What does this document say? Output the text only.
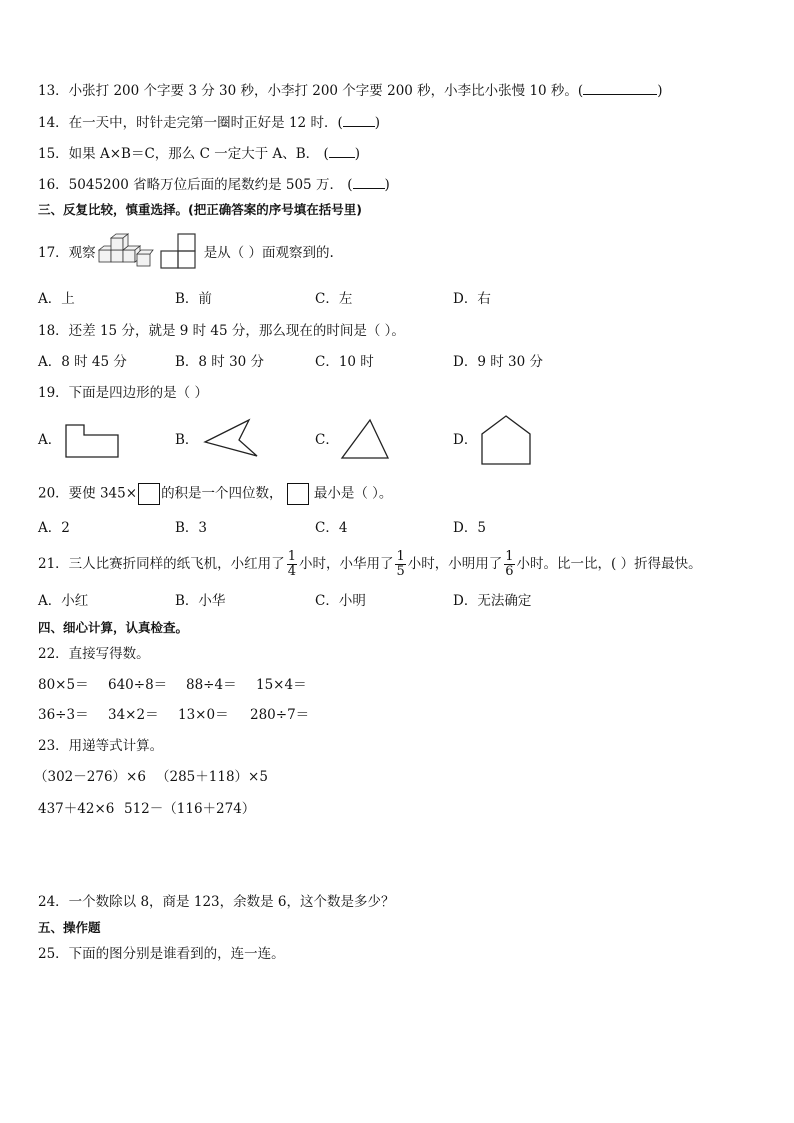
13．小张打 200 个字要 3 分 30 秒，小李打 200 个字要 200 秒，小李比小张慢 10 秒。(	)
14．在一天中，时针走完第一圈时正好是 12 时．( )
15．如果 A×B＝C，那么 C 一定大于 A、B． ( )
16．5045200 省略万位后面的尾数约是 505 万． ( )
三、反复比较，慎重选择。(把正确答案的序号填在括号里)
17．观察	是从（ ）面观察到的.
A．上	B．前	C．左	D．右
18．还差 15 分，就是 9 时 45 分，那么现在的时间是（ ）。
A．8 时 45 分	B．8 时 30 分	C．10 时	D．9 时 30 分
19．下面是四边形的是（ ）
A．	B．	C．	D．
20．要使 345× 的积是一个四位数， 最小是（ ）。
A．2	B．3	C．4	D．5
21．三人比赛折同样的纸飞机，小红用了 $\frac{1}{4}$ 小时，小华用了 $\frac{1}{5}$ 小时，小明用了 $\frac{1}{6}$ 小时。比一比，( ）折得最快。
A．小红	B．小华	C．小明	D．无法确定
四、细心计算，认真检查。
22．直接写得数。
80×5＝ 640÷8＝ 88÷4＝ 15×4＝
36÷3＝ 34×2＝ 13×0＝ 280÷7＝
23．用递等式计算。
（302－276）×6 （285＋118）×5
437＋42×6 512－（116＋274）
24．一个数除以 8，商是 123，余数是 6，这个数是多少？
五、操作题
25．下面的图分别是谁看到的，连一连。
